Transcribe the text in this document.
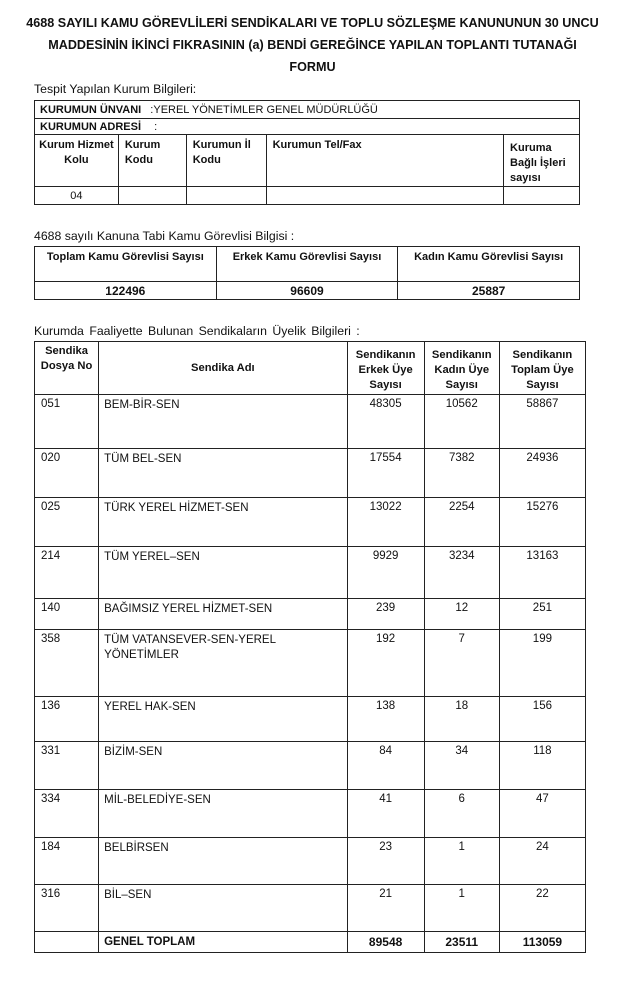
4688 SAYILI KAMU GÖREVLİLERİ SENDİKALARI VE TOPLU SÖZLEŞME KANUNUNUN 30 UNCU
MADDESİNİN İKİNCİ FIKRASININ (a) BENDİ GEREĞİNCE YAPILAN TOPLANTI TUTANAĞI
FORMU
Tespit Yapılan Kurum Bilgileri:
KURUMUN ÜNVANI :YEREL YÖNETİMLER GENEL MÜDÜRLÜĞÜ				
KURUMUN ADRESİ :				
Kurum Hizmet Kolu	Kurum Kodu	Kurumun İl Kodu	Kurumun Tel/Fax	Kuruma Bağlı İşleri sayısı
04				
4688 sayılı Kanuna Tabi Kamu Görevlisi Bilgisi :
Toplam Kamu Görevlisi Sayısı	Erkek Kamu Görevlisi Sayısı	Kadın Kamu Görevlisi Sayısı
122496	96609	25887
Kurumda Faaliyette Bulunan Sendikaların Üyelik Bilgileri :
Sendika Dosya No	Sendika Adı	Sendikanın Erkek Üye Sayısı	Sendikanın Kadın Üye Sayısı	Sendikanın Toplam Üye Sayısı
051	BEM-BİR-SEN	48305	10562	58867
020	TÜM BEL-SEN	17554	7382	24936
025	TÜRK YEREL HİZMET-SEN	13022	2254	15276
214	TÜM YEREL–SEN	9929	3234	13163
140	BAĞIMSIZ YEREL HİZMET-SEN	239	12	251
358	TÜM VATANSEVER-SEN-YEREL YÖNETİMLER	192	7	199
136	YEREL HAK-SEN	138	18	156
331	BİZİM-SEN	84	34	118
334	MİL-BELEDİYE-SEN	41	6	47
184	BELBİRSEN	23	1	24
316	BİL–SEN	21	1	22
	GENEL TOPLAM	89548	23511	113059
